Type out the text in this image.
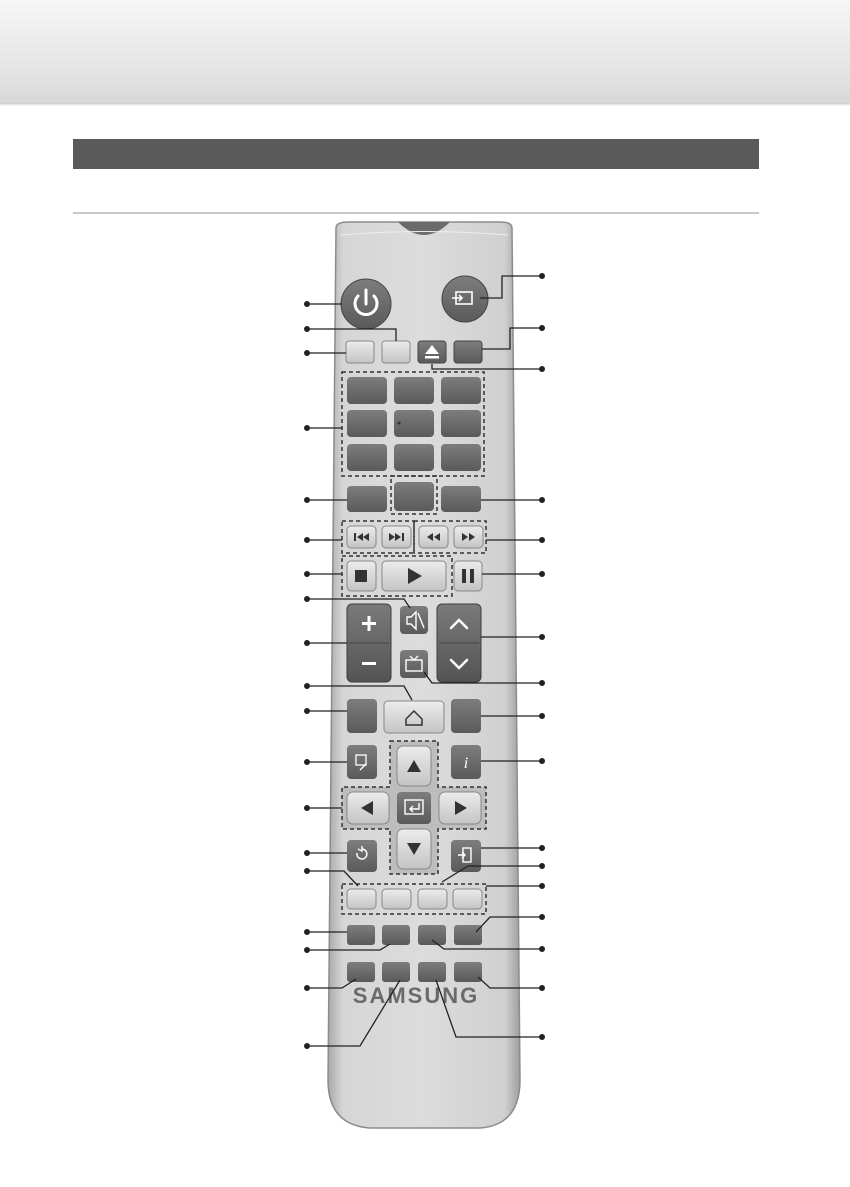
i
SAMSUNG
